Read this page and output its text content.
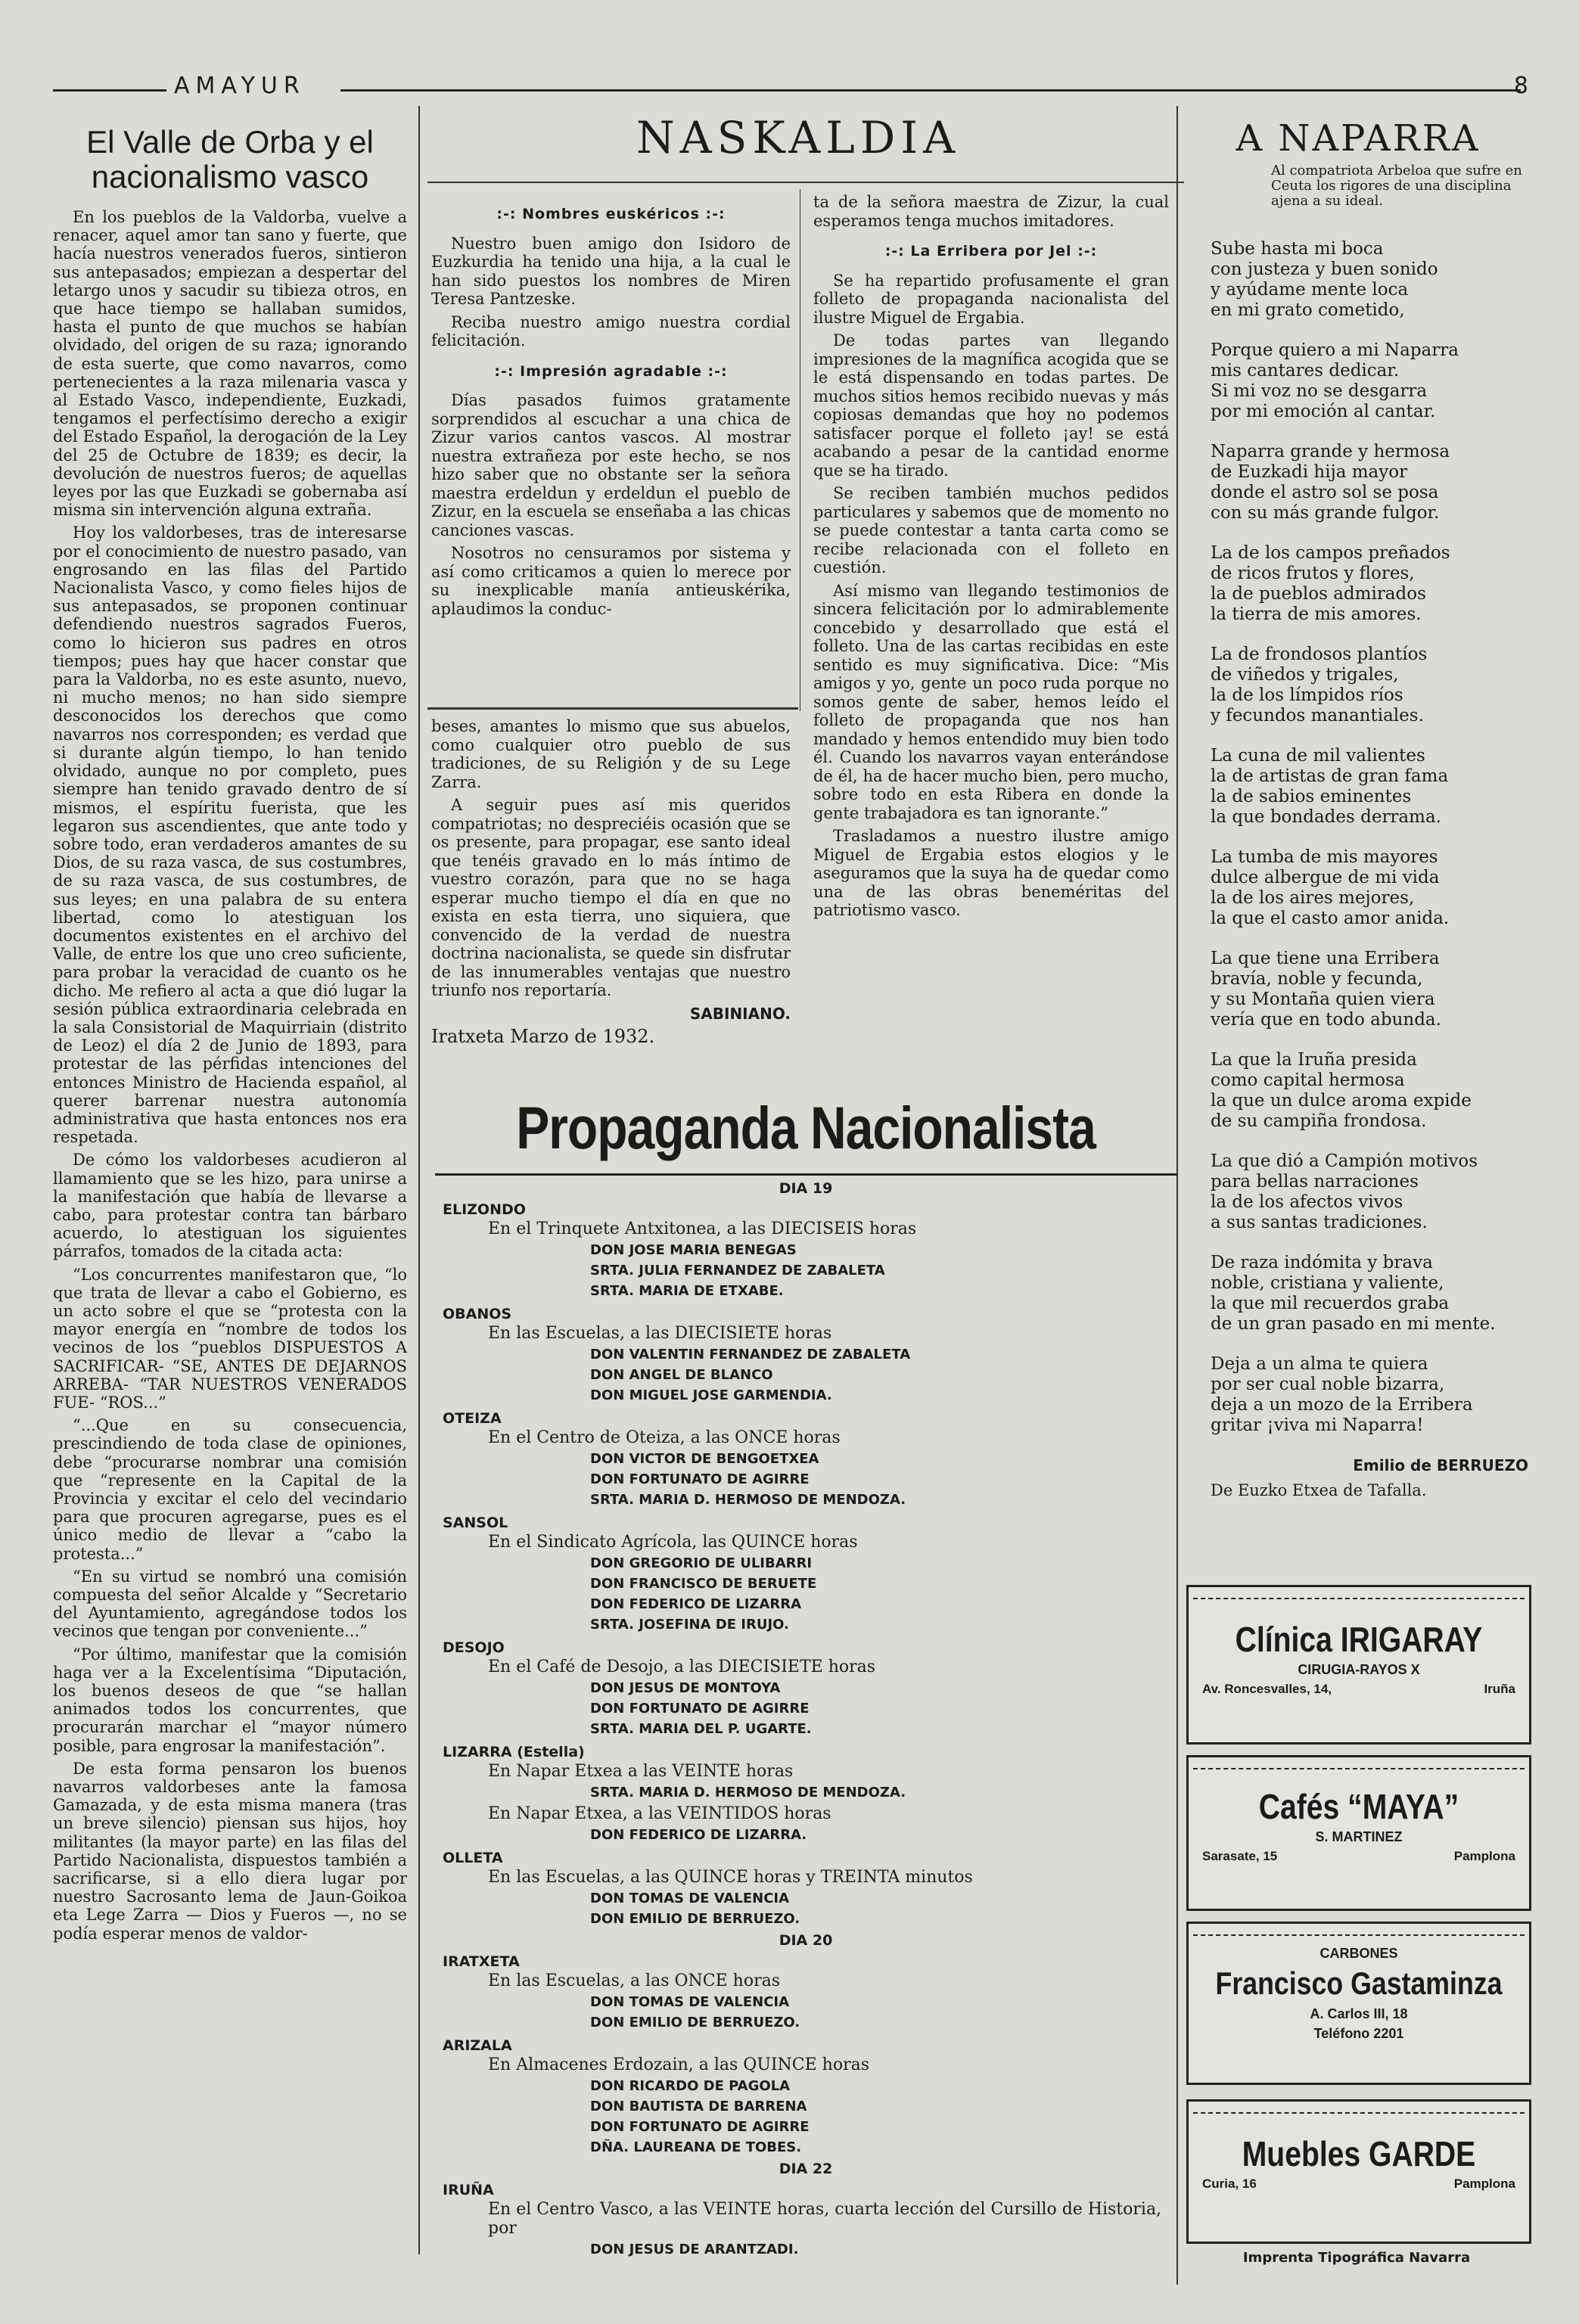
AMAYUR	8
El Valle de Orba y el nacionalismo vasco

En los pueblos de la Valdorba, vuelve a renacer, aquel amor tan sano y fuerte, que hacía nuestros venerados fueros, sintieron sus antepasados; empiezan a despertar del letargo unos y sacudir su tibieza otros, en que hace tiempo se hallaban sumidos, hasta el punto de que muchos se habían olvidado, del origen de su raza; ignorando de esta suerte, que como navarros, como pertenecientes a la raza milenaria vasca y al Estado Vasco, independiente, Euzkadi, tengamos el perfectísimo derecho a exigir del Estado Español, la derogación de la Ley del 25 de Octubre de 1839; es decir, la devolución de nuestros fueros; de aquellas leyes por las que Euzkadi se gobernaba así misma sin intervención alguna extraña.

Hoy los valdorbeses, tras de interesarse por el conocimiento de nuestro pasado, van engrosando en las filas del Partido Nacionalista Vasco, y como fieles hijos de sus antepasados, se proponen continuar defendiendo nuestros sagrados Fueros, como lo hicieron sus padres en otros tiempos; pues hay que hacer constar que para la Valdorba, no es este asunto, nuevo, ni mucho menos; no han sido siempre desconocidos los derechos que como navarros nos corresponden; es verdad que si durante algún tiempo, lo han tenido olvidado, aunque no por completo, pues siempre han tenido gravado dentro de sí mismos, el espíritu fuerista, que les legaron sus ascendientes, que ante todo y sobre todo, eran verdaderos amantes de su Dios, de su raza vasca, de sus costumbres, de su raza vasca, de sus costumbres, de sus leyes; en una palabra de su entera libertad, como lo atestiguan los documentos existentes en el archivo del Valle, de entre los que uno creo suficiente, para probar la veracidad de cuanto os he dicho. Me refiero al acta a que dió lugar la sesión pública extraordinaria celebrada en la sala Consistorial de Maquirriain (distrito de Leoz) el día 2 de Junio de 1893, para protestar de las pérfidas intenciones del entonces Ministro de Hacienda español, al querer barrenar nuestra autonomía administrativa que hasta entonces nos era respetada.

De cómo los valdorbeses acudieron al llamamiento que se les hizo, para unirse a la manifestación que había de llevarse a cabo, para protestar contra tan bárbaro acuerdo, lo atestiguan los siguientes párrafos, tomados de la citada acta:

“Los concurrentes manifestaron que, “lo que trata de llevar a cabo el Gobierno, es un acto sobre el que se “protesta con la mayor energía en “nombre de todos los vecinos de los “pueblos DISPUESTOS A SACRIFICAR- “SE, ANTES DE DEJARNOS ARREBA- “TAR NUESTROS VENERADOS FUE- “ROS...”

“...Que en su consecuencia, prescindiendo de toda clase de opiniones, debe “procurarse nombrar una comisión que “represente en la Capital de la Provincia y excitar el celo del vecindario para que procuren agregarse, pues es el único medio de llevar a “cabo la protesta...”

“En su virtud se nombró una comisión compuesta del señor Alcalde y “Secretario del Ayuntamiento, agregándose todos los vecinos que tengan por conveniente...”

“Por último, manifestar que la comisión haga ver a la Excelentísima “Diputación, los buenos deseos de que “se hallan animados todos los concurrentes, que procurarán marchar el “mayor número posible, para engrosar la manifestación”.

De esta forma pensaron los buenos navarros valdorbeses ante la famosa Gamazada, y de esta misma manera (tras un breve silencio) piensan sus hijos, hoy militantes (la mayor parte) en las filas del Partido Nacionalista, dispuestos también a sacrificarse, si a ello diera lugar por nuestro Sacrosanto lema de Jaun-Goikoa eta Lege Zarra — Dios y Fueros —, no se podía esperar menos de valdor-

NASKALDIA
:-: Nombres euskéricos :-:

Nuestro buen amigo don Isidoro de Euzkurdia ha tenido una hija, a la cual le han sido puestos los nombres de Miren Teresa Pantzeske.

Reciba nuestro amigo nuestra cordial felicitación.

:-: Impresión agradable :-:

Días pasados fuimos gratamente sorprendidos al escuchar a una chica de Zizur varios cantos vascos. Al mostrar nuestra extrañeza por este hecho, se nos hizo saber que no obstante ser la señora maestra erdeldun y erdeldun el pueblo de Zizur, en la escuela se enseñaba a las chicas canciones vascas.

Nosotros no censuramos por sistema y así como criticamos a quien lo merece por su inexplicable manía antieuskérika, aplaudimos la conduc-

ta de la señora maestra de Zizur, la cual esperamos tenga muchos imitadores.

:-: La Erribera por Jel :-:

Se ha repartido profusamente el gran folleto de propaganda nacionalista del ilustre Miguel de Ergabia.

De todas partes van llegando impresiones de la magnífica acogida que se le está dispensando en todas partes. De muchos sitios hemos recibido nuevas y más copiosas demandas que hoy no podemos satisfacer porque el folleto ¡ay! se está acabando a pesar de la cantidad enorme que se ha tirado.

Se reciben también muchos pedidos particulares y sabemos que de momento no se puede contestar a tanta carta como se recibe relacionada con el folleto en cuestión.

Así mismo van llegando testimonios de sincera felicitación por lo admirablemente concebido y desarrollado que está el folleto. Una de las cartas recibidas en este sentido es muy significativa. Dice: “Mis amigos y yo, gente un poco ruda porque no somos gente de saber, hemos leído el folleto de propaganda que nos han mandado y hemos entendido muy bien todo él. Cuando los navarros vayan enterándose de él, ha de hacer mucho bien, pero mucho, sobre todo en esta Ribera en donde la gente trabajadora es tan ignorante.”

Trasladamos a nuestro ilustre amigo Miguel de Ergabia estos elogios y le aseguramos que la suya ha de quedar como una de las obras beneméritas del patriotismo vasco.

beses, amantes lo mismo que sus abuelos, como cualquier otro pueblo de sus tradiciones, de su Religión y de su Lege Zarra.

A seguir pues así mis queridos compatriotas; no despreciéis ocasión que se os presente, para propagar, ese santo ideal que tenéis gravado en lo más íntimo de vuestro corazón, para que no se haga esperar mucho tiempo el día en que no exista en esta tierra, uno siquiera, que convencido de la verdad de nuestra doctrina nacionalista, se quede sin disfrutar de las innumerables ventajas que nuestro triunfo nos reportaría.

SABINIANO.
Iratxeta Marzo de 1932.
Propaganda Nacionalista
DIA 19
ELIZONDO
En el Trinquete Antxitonea, a las DIECISEIS horas
DON JOSE MARIA BENEGAS
SRTA. JULIA FERNANDEZ DE ZABALETA
SRTA. MARIA DE ETXABE.
OBANOS
En las Escuelas, a las DIECISIETE horas
DON VALENTIN FERNANDEZ DE ZABALETA
DON ANGEL DE BLANCO
DON MIGUEL JOSE GARMENDIA.
OTEIZA
En el Centro de Oteiza, a las ONCE horas
DON VICTOR DE BENGOETXEA
DON FORTUNATO DE AGIRRE
SRTA. MARIA D. HERMOSO DE MENDOZA.
SANSOL
En el Sindicato Agrícola, las QUINCE horas
DON GREGORIO DE ULIBARRI
DON FRANCISCO DE BERUETE
DON FEDERICO DE LIZARRA
SRTA. JOSEFINA DE IRUJO.
DESOJO
En el Café de Desojo, a las DIECISIETE horas
DON JESUS DE MONTOYA
DON FORTUNATO DE AGIRRE
SRTA. MARIA DEL P. UGARTE.
LIZARRA (Estella)
En Napar Etxea a las VEINTE horas
SRTA. MARIA D. HERMOSO DE MENDOZA.
En Napar Etxea, a las VEINTIDOS horas
DON FEDERICO DE LIZARRA.
OLLETA
En las Escuelas, a las QUINCE horas y TREINTA minutos
DON TOMAS DE VALENCIA
DON EMILIO DE BERRUEZO.
DIA 20
IRATXETA
En las Escuelas, a las ONCE horas
DON TOMAS DE VALENCIA
DON EMILIO DE BERRUEZO.
ARIZALA
En Almacenes Erdozain, a las QUINCE horas
DON RICARDO DE PAGOLA
DON BAUTISTA DE BARRENA
DON FORTUNATO DE AGIRRE
DÑA. LAUREANA DE TOBES.
DIA 22
IRUÑA
En el Centro Vasco, a las VEINTE horas, cuarta lección del Cursillo de Historia, por
DON JESUS DE ARANTZADI.
A NAPARRA
Al compatriota Arbeloa que sufre en Ceuta los rigores de una disciplina ajena a su ideal.
Sube hasta mi boca
con justeza y buen sonido
y ayúdame mente loca
en mi grato cometido,
Porque quiero a mi Naparra
mis cantares dedicar.
Si mi voz no se desgarra
por mi emoción al cantar.
Naparra grande y hermosa
de Euzkadi hija mayor
donde el astro sol se posa
con su más grande fulgor.
La de los campos preñados
de ricos frutos y flores,
la de pueblos admirados
la tierra de mis amores.
La de frondosos plantíos
de viñedos y trigales,
la de los límpidos ríos
y fecundos manantiales.
La cuna de mil valientes
la de artistas de gran fama
la de sabios eminentes
la que bondades derrama.
La tumba de mis mayores
dulce albergue de mi vida
la de los aires mejores,
la que el casto amor anida.
La que tiene una Erribera
bravía, noble y fecunda,
y su Montaña quien viera
vería que en todo abunda.
La que la Iruña presida
como capital hermosa
la que un dulce aroma expide
de su campiña frondosa.
La que dió a Campión motivos
para bellas narraciones
la de los afectos vivos
a sus santas tradiciones.
De raza indómita y brava
noble, cristiana y valiente,
la que mil recuerdos graba
de un gran pasado en mi mente.
Deja a un alma te quiera
por ser cual noble bizarra,
deja a un mozo de la Erribera
gritar ¡viva mi Naparra!
Emilio de BERRUEZO
De Euzko Etxea de Tafalla.
Clínica IRIGARAY
CIRUGIA-RAYOS X
Av. Roncesvalles, 14,	Iruña
Cafés “MAYA”
S. MARTINEZ
Sarasate, 15	Pamplona
CARBONES
Francisco Gastaminza
A. Carlos III, 18
Teléfono 2201
Muebles GARDE
Curia, 16	Pamplona
Imprenta Tipográfica Navarra
